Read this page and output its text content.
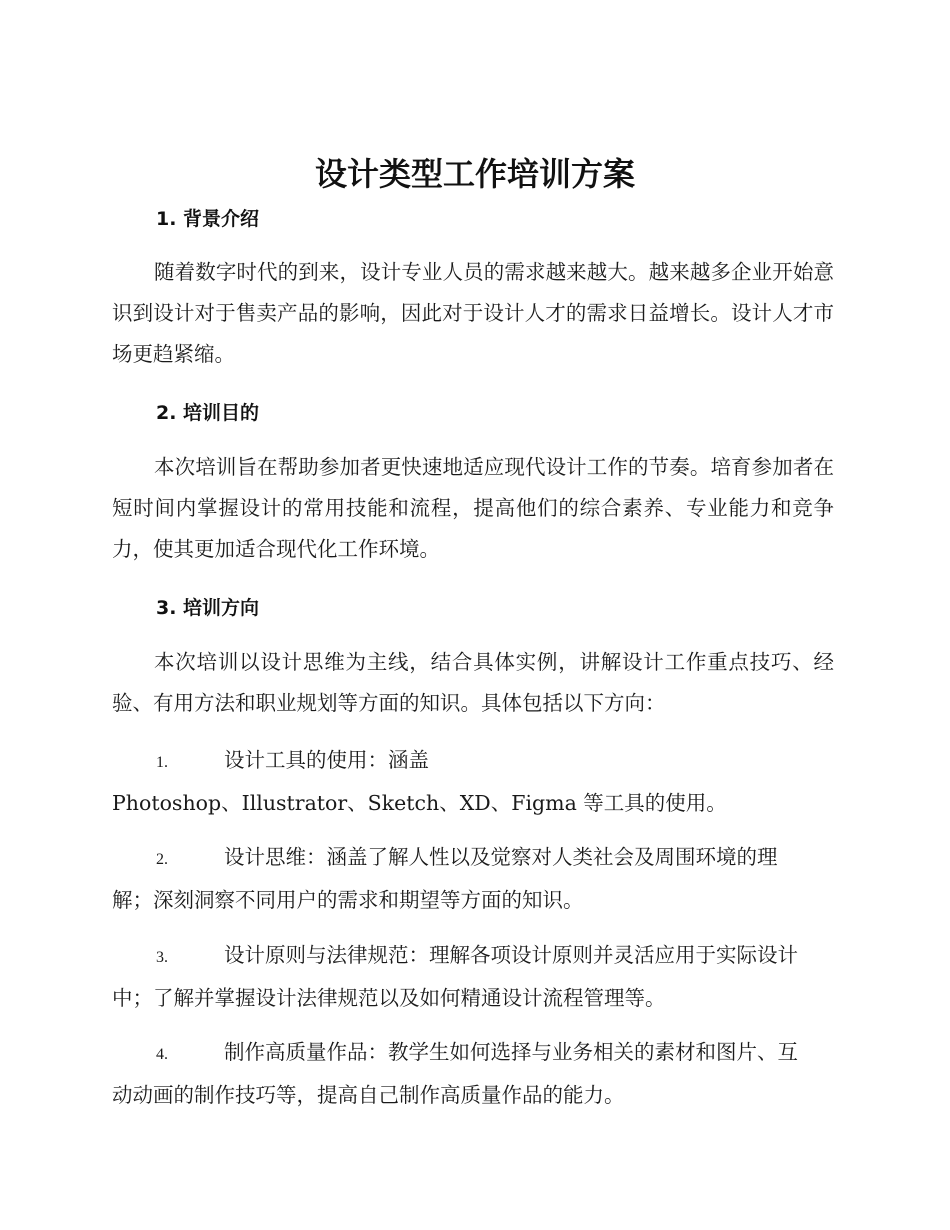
设计类型工作培训方案
1. 背景介绍

随着数字时代的到来，设计专业人员的需求越来越大。越来越多企业开始意识到设计对于售卖产品的影响，因此对于设计人才的需求日益增长。设计人才市场更趋紧缩。

2. 培训目的

本次培训旨在帮助参加者更快速地适应现代设计工作的节奏。培育参加者在短时间内掌握设计的常用技能和流程，提高他们的综合素养、专业能力和竞争力，使其更加适合现代化工作环境。

3. 培训方向

本次培训以设计思维为主线，结合具体实例，讲解设计工作重点技巧、经验、有用方法和职业规划等方面的知识。具体包括以下方向：

1.	设计工具的使用：涵盖
Photoshop、Illustrator、Sketch、XD、Figma 等工具的使用。
2.	设计思维：涵盖了解人性以及觉察对人类社会及周围环境的理
解；深刻洞察不同用户的需求和期望等方面的知识。
3.	设计原则与法律规范：理解各项设计原则并灵活应用于实际设计
中；了解并掌握设计法律规范以及如何精通设计流程管理等。
4.	制作高质量作品：教学生如何选择与业务相关的素材和图片、互
动动画的制作技巧等，提高自己制作高质量作品的能力。
